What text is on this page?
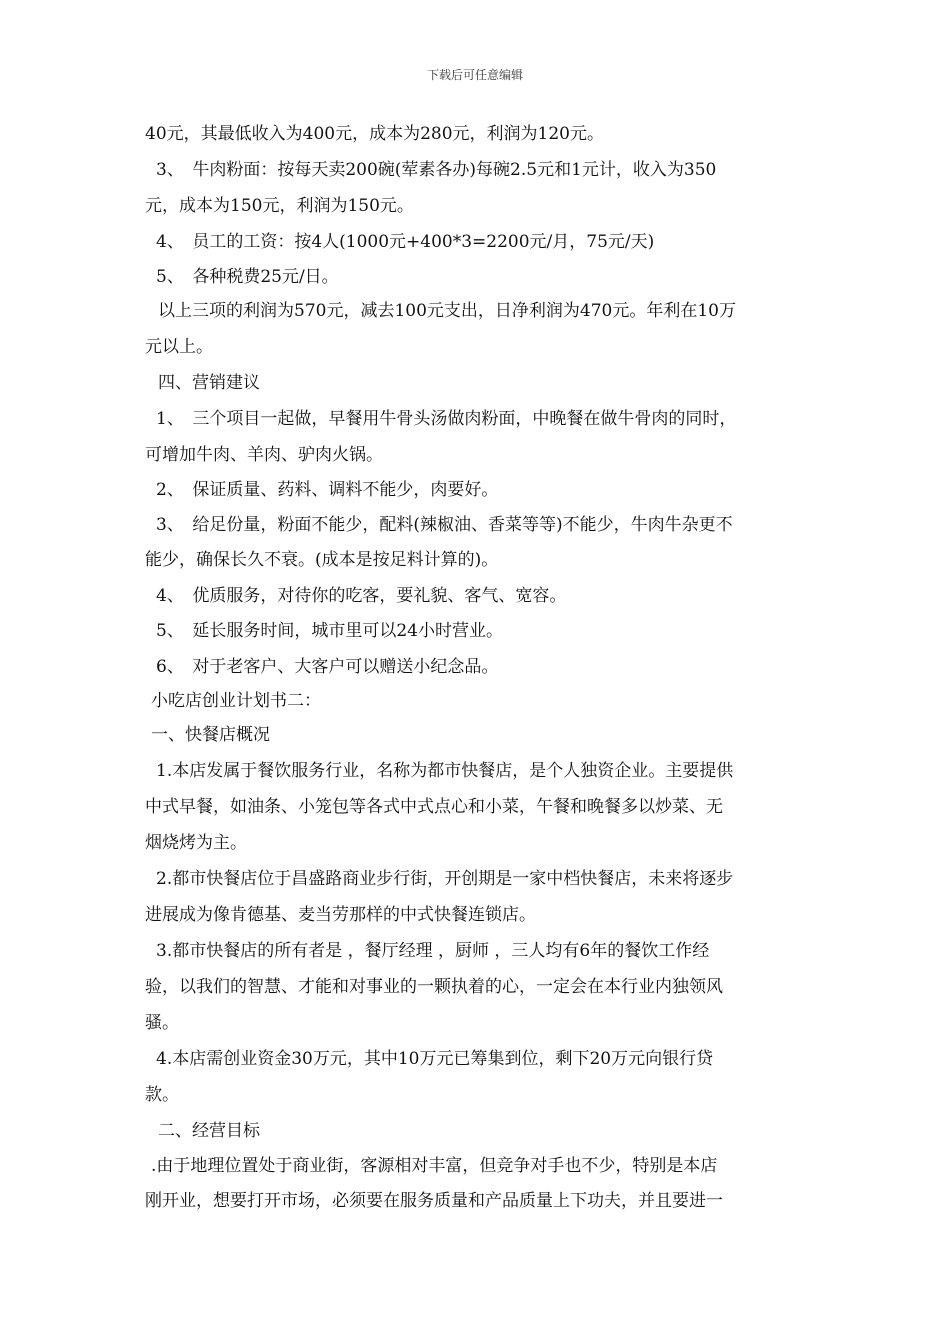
下载后可任意编辑
40元，其最低收入为400元，成本为280元，利润为120元。
3、　牛肉粉面：按每天卖200碗(荤素各办)每碗2.5元和1元计，收入为350
元，成本为150元，利润为150元。
4、　员工的工资：按4人(1000元+400*3=2200元/月，75元/天)
5、　各种税费25元/日。
以上三项的利润为570元，减去100元支出，日净利润为470元。年利在10万
元以上。
四、营销建议
1、　三个项目一起做，早餐用牛骨头汤做肉粉面，中晚餐在做牛骨肉的同时，
可增加牛肉、羊肉、驴肉火锅。
2、　保证质量、药料、调料不能少，肉要好。
3、　给足份量，粉面不能少，配料(辣椒油、香菜等等)不能少，牛肉牛杂更不
能少，确保长久不衰。(成本是按足料计算的)。
4、　优质服务，对待你的吃客，要礼貌、客气、宽容。
5、　延长服务时间，城市里可以24小时营业。
6、　对于老客户、大客户可以赠送小纪念品。
小吃店创业计划书二：
一、快餐店概况
1.本店发属于餐饮服务行业，名称为都市快餐店，是个人独资企业。主要提供
中式早餐，如油条、小笼包等各式中式点心和小菜，午餐和晚餐多以炒菜、无
烟烧烤为主。
2.都市快餐店位于昌盛路商业步行街，开创期是一家中档快餐店，未来将逐步
进展成为像肯德基、麦当劳那样的中式快餐连锁店。
3.都市快餐店的所有者是 ，餐厅经理 ，厨师 ，三人均有6年的餐饮工作经
验，以我们的智慧、才能和对事业的一颗执着的心，一定会在本行业内独领风
骚。
4.本店需创业资金30万元，其中10万元已筹集到位，剩下20万元向银行贷
款。
二、经营目标
.由于地理位置处于商业街，客源相对丰富，但竞争对手也不少，特别是本店
刚开业，想要打开市场，必须要在服务质量和产品质量上下功夫，并且要进一
